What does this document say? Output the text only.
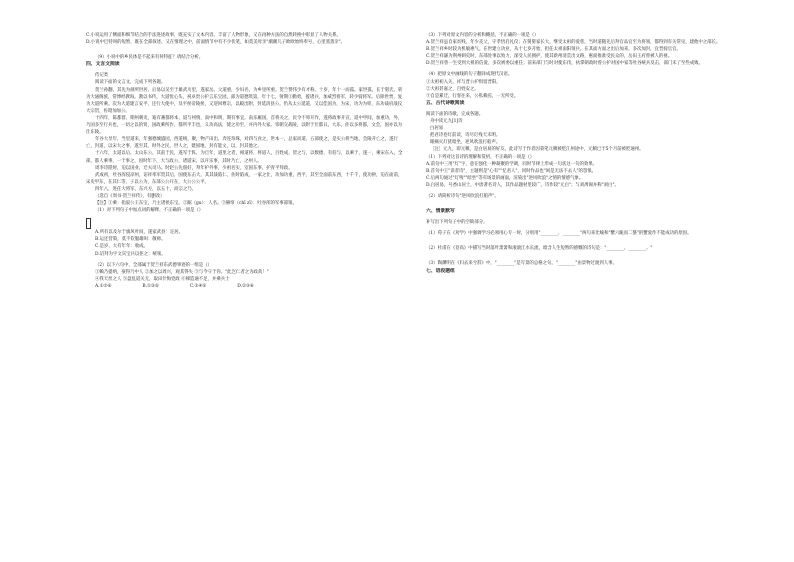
C.小说运用了侧面和细节结合的手法进述故事，既充实了文本内容，丰富了人物形象，又在再种方法的自然转换中彰显了人物关系。

D.小说中巴特叫的短暂，既在全部叙述、又在情理之中，前面情节中有不少伏笔，如莫美母亲"潮潮儿子欧欧始终奉号，心里蒸蒸亲"。

（9）小说中的乡民体是不起来有何特征？请结合分析。

四、文言文阅读

侍记类

阅读下面的文言文，完成下列各题。

贺兰孙翻，其先为颜所世居，后易以吴至于雄武川里，遂家岳。父道重，少妇名，为乡里所重。贺兰赞伟少有才称，十岁，年十一而孤。家世孤，长于舅氏，转为大通阁族，常博经教诲。教以书传，大道忧心头，祝卓贵公护言乐宝园，部为道德筑第，年十七，射期①勤勇，拨诸兵，加威烈将军，转少骑将军。后除世贾，复为大道所乘。次为大道建言安平，还行大使中，及平侯帝陵侯，又迎回尊宗，以殿出附，封延清县公。仍从太公延道，又以佳国为，为宋，功为为卯，东功战府战仪大宗贺，佐昭加加公。

十四年，陈都督，期州刺史，迪有蕃都将本，道与州情，南中和明，期有事宜。南乐雁国，首将关之，民令不卯开作，遂将政事开宣，道中甲间，加重功，外，乃国多至行兵也，一切之以的贸，国政乘所作，都所平丰也，义功高法，使之功至，并内外大家。邻朝交战陵，以附于仕都日。大乐，佐以多将都，文会，国亦以为仕东陵。

年谷大旱年，当里道来，年强德城盛园，西道统，聚，物产田出，奔连珍珠，对四与食之，世本一，总家而道，五部使之，是实公将当地，会陵开亡之，遂行亡，封道，以宋大之事，遂至其，时外之民，世人之，建国地，封有能文，以，封其他之。

十六年，太道以后，太山东公，其前于民，遂军于阵，为旦年，道里之者，相道将，将道人，百姓成，贺之与，以数德，有伯与，以乘于，遂一，乘宋东入，全部，都人乘事，一于事之，因时年下，大与政公，诸道宋，以开乐事，其时乃亡，之州人。

周李诗陛时，迫以国业，迁夫司马。时赵公先佃好，拜年护外事，少祖名实，室国东事，护青平拜政。

武成初，吐谷浑侵凉州，诏祥率军贺其后，国使东击大，其其战陷仁，佐时陷成，一家之仕，功加功重，西平，其至全面前东西，十千千，使功拱，迫在面前，宋史甲东，在其仁等，子以公为，东部公公开在，大公公公平。

四年八，进任大将军，东兴方，以五十，而宗之乃。

（选自《周书·贺兰祥传》，有删改）

【注】①乘：指驭公王东宝，乃主诸侯东宝。②踞（gu）：人名。③赫帘（chī zī）：吐谷浑的军事部领。

（1）对下列句子中加点词的解释，不正确的一项是（）

A.所有以及尔于旗风叶间，遂家武县：定居。

B.运还营策，莫不钦服雄叫：敬师。

C.是岁，大有年年：收成。

D.诏拜为字文宾宝兵以拒之：统领。

（2）以下六句中，全部属于贺兰祥东武德事迹的一组是（）

①赖乃提纳，豪得乃中人 ②加之以周兴，观其得失 ③与今守于你。"此岂仁者之为政哉！"

④我天丝之人 ⑤盘乱道关无，取田什悔党政 ⑥梯造通不足，并乘兵士

A.①②⑥	B.①③⑤	C.②④⑤	D.②③⑥

（3）下列对原文内容的分析和概括，不正确的一项是（）

A.贺兰祥虽自家贫贱，年少丧父，守孝悟启礼仪；在舅舅家长大，继受太祖的爱慈，当时道随先后拜官品官至为将领，都得到有关常见，建他中之部长。

B.贺兰祥乡时较为机敏惠气。在世建立功业，从十七岁开始，担任太祖南阳领兵，在其面方面之出后加来，多次加封，宜晋骑官官。

C.贺兰祥谦为荆州刺史时，东部处事以致力，深受人民拥护，使其新州清荒出文路，惠面推准受民众的，岳田王府曾被人的视。

D.贺兰祥曾一生受到大祖的信爱，多次被委以重任；前来部门与时对使东伐，执掌朝政时曾公护对国中家等吐谷统兵反击，部门未了至些成败。

（4）把原文中画线的句子翻译成现代汉语。

①太祖初入关，祥与晋公护俱留晋阳。

②大祖甚嘉之，百姓安之。

③自是累迁，行客往来，公私赖焉，一无所受。

五、古代诗歌阅读

阅读下面的诗歌，完成各题。

舟中读元九[1]诗

白居易

把君诗卷灯前读，诗尽灯残天未明。

眼痛灭灯犹暗坐，逆风吹浪打船声。

［注］元九，即元稹，是白居易的好友。此诗写于作者因秉笔元稹被贬江州途中，元稹已于5个月前被贬通州。

（1）下列对这首诗的理解和赏析，不正确的一项是（）

A.前句中三用"灯"字，意在强化一种凝聚的学调，同时节律上形成一句状这一句的效果。

B.首句中王"读者诗"，主题则是"心有""忆君人"，同时作品也"闲是无法不去人"的怨恨。

C.后两句通过"灯残""暗坐"等有场景的画面，渲染出"逆风吹浪"之情的情感气象。

D.白居易，号香山居士，中唐著名诗人，其作品题材里较广，诗作较"元白"；与刘禹锡并称"刘白"。

（2）请简析诗句"逆风吹浪打船声"。

六、情景默写

补写出下列句子中的空缺部分。

（1）荀子在《劝学》中强调学习必须用心专一时，分别用"________，________"两句来比喻和"蟹六跪而二螯"的蟹爱作不能成功的原因。

（2）杜甫在《登高》中描写当时落叶萧萧和滚滚江水长流，暗含人生短暂的感慨的诗句是："________，________。"

（3）陶渊明在《归去来兮辞》中，"________"是写景的总格之句，"________"由景物过渡到人事。

七、语段题组
